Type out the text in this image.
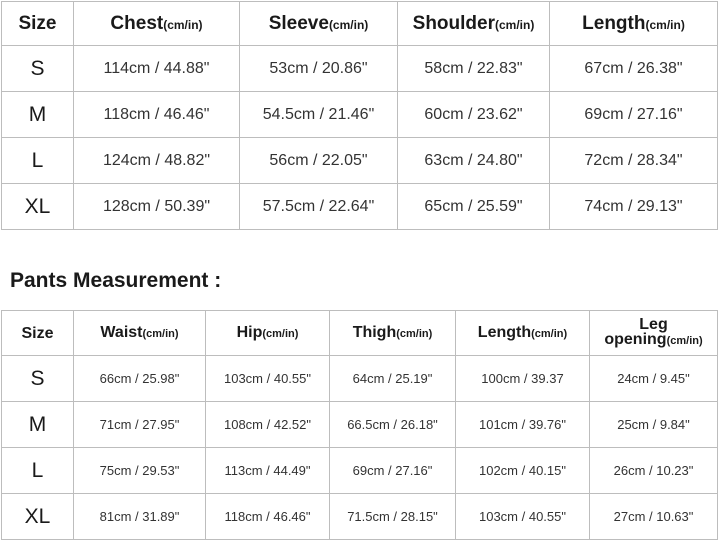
Size	Chest(cm/in)	Sleeve(cm/in)	Shoulder(cm/in)	Length(cm/in)
S	114cm / 44.88"	53cm / 20.86"	58cm / 22.83"	67cm / 26.38"
M	118cm / 46.46"	54.5cm / 21.46"	60cm / 23.62"	69cm / 27.16"
L	124cm / 48.82"	56cm / 22.05"	63cm / 24.80"	72cm / 28.34"
XL	128cm / 50.39"	57.5cm / 22.64"	65cm / 25.59"	74cm / 29.13"
Pants Measurement :
Size	Waist(cm/in)	Hip(cm/in)	Thigh(cm/in)	Length(cm/in)	Leg
opening(cm/in)
S	66cm / 25.98"	103cm / 40.55"	64cm / 25.19"	100cm / 39.37	24cm / 9.45"
M	71cm / 27.95"	108cm / 42.52"	66.5cm / 26.18"	101cm / 39.76"	25cm / 9.84"
L	75cm / 29.53"	113cm / 44.49"	69cm / 27.16"	102cm / 40.15"	26cm / 10.23"
XL	81cm / 31.89"	118cm / 46.46"	71.5cm / 28.15"	103cm / 40.55"	27cm / 10.63"
